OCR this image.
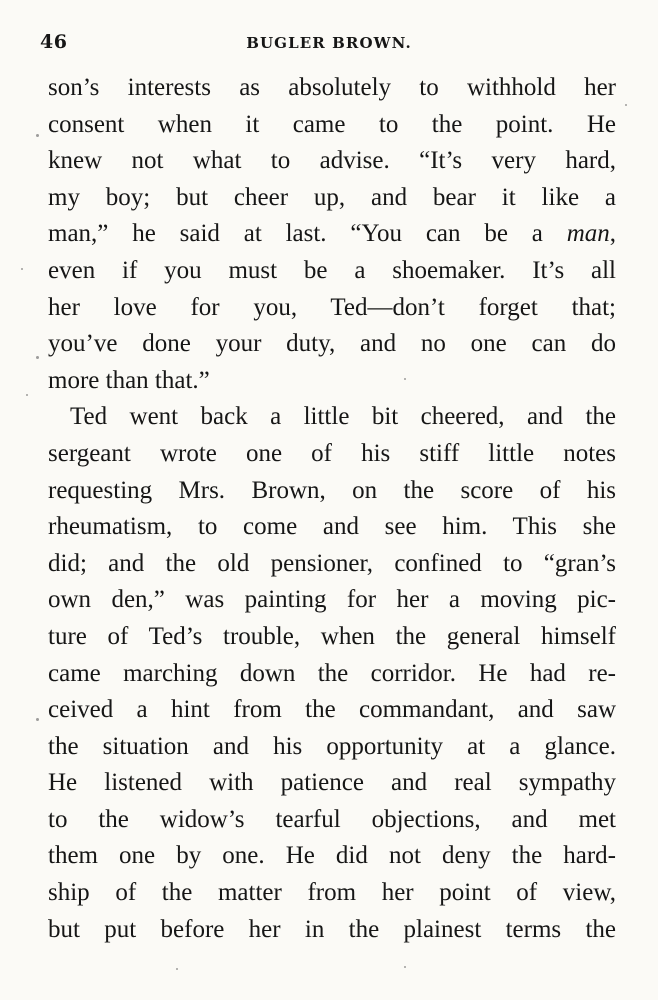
46	BUGLER BROWN.
son’s interests as absolutely to withhold her
consent when it came to the point. He
knew not what to advise. “It’s very hard,
my boy; but cheer up, and bear it like a
man,” he said at last. “You can be a man,
even if you must be a shoemaker. It’s all
her love for you, Ted—don’t forget that;
you’ve done your duty, and no one can do
more than that.”
Ted went back a little bit cheered, and the
sergeant wrote one of his stiff little notes
requesting Mrs. Brown, on the score of his
rheumatism, to come and see him. This she
did; and the old pensioner, confined to “gran’s
own den,” was painting for her a moving pic-
ture of Ted’s trouble, when the general himself
came marching down the corridor. He had re-
ceived a hint from the commandant, and saw
the situation and his opportunity at a glance.
He listened with patience and real sympathy
to the widow’s tearful objections, and met
them one by one. He did not deny the hard-
ship of the matter from her point of view,
but put before her in the plainest terms the
